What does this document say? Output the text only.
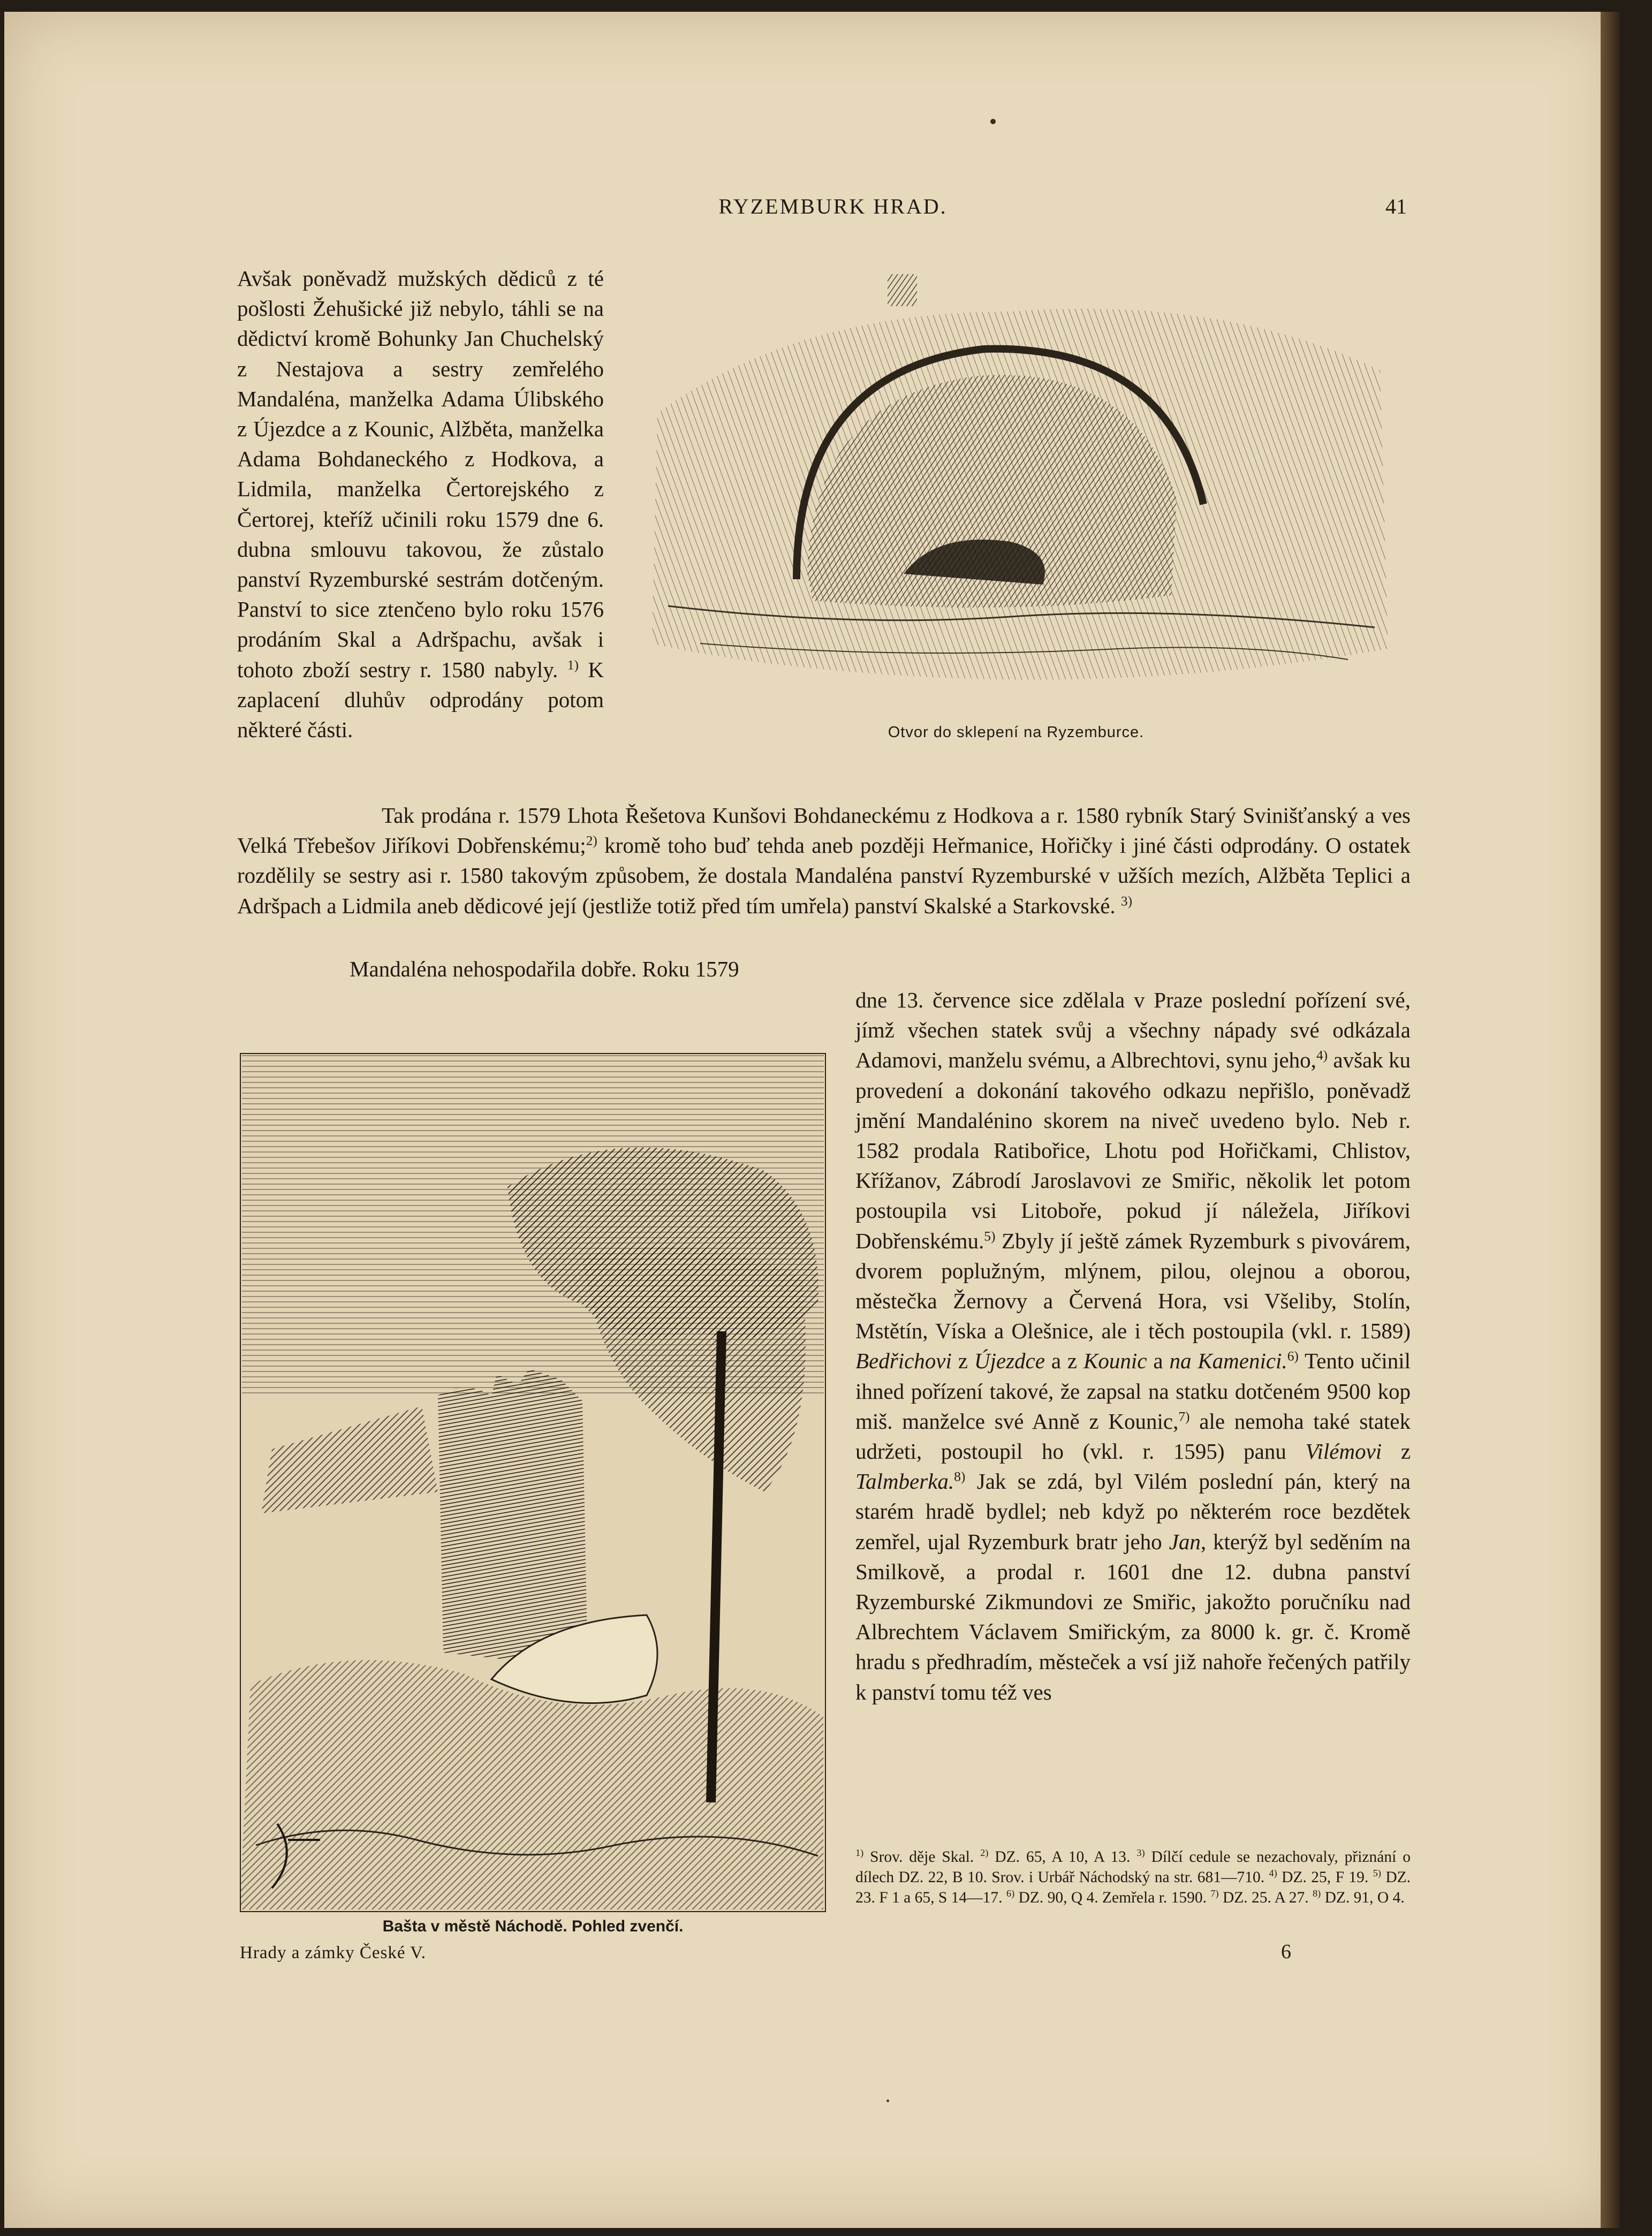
RYZEMBURK HRAD.	41

Avšak poněvadž mužských dědiců z té pošlosti Žehušické již nebylo, táhli se na dědictví kromě Bohunky Jan Chuchelský z Nestajova a sestry zemřelého Mandaléna, manželka Adama Úlibského z Újezdce a z Kounic, Alžběta, manželka Adama Bohdaneckého z Hodkova, a Lidmila, manželka Čertorejského z Čertorej, kteříž učinili roku 1579 dne 6. dubna smlouvu takovou, že zůstalo panství Ryzemburské sestrám dotčeným. Panství to sice ztenčeno bylo roku 1576 prodáním Skal a Adršpachu, avšak i tohoto zboží sestry r. 1580 nabyly. $^{1)}$ K zaplacení dluhův odprodány potom některé části.	Otvor do sklepení na Ryzemburce.

Tak prodána r. 1579 Lhota Řešetova Kunšovi Bohdaneckému z Hodkova a r. 1580 rybník Starý Svinišťanský a ves Velká Třebešov Jiříkovi Dobřenskému;$^{2)}$ kromě toho buď tehda aneb později Heřmanice, Hořičky i jiné části odprodány. O ostatek rozdělily se sestry asi r. 1580 takovým způsobem, že dostala Mandaléna panství Ryzemburské v užších mezích, Alžběta Teplici a Adršpach a Lidmila aneb dědicové její (jestliže totiž před tím umřela) panství Skalské a Starkovské. $^{3)}$

Mandaléna nehospodařila dobře. Roku 1579

dne 13. července sice zdělala v Praze poslední pořízení své, jímž všechen statek svůj a všechny nápady své odkázala Adamovi, manželu svému, a Albrechtovi, synu jeho,$^{4)}$ avšak ku provedení a dokonání takového odkazu nepřišlo, poněvadž jmění Mandalénino skorem na niveč uvedeno bylo. Neb r. 1582 prodala Ratibořice, Lhotu pod Hořičkami, Chlistov, Křížanov, Zábrodí Jaroslavovi ze Smiřic, několik let potom postoupila vsi Litoboře, pokud jí náležela, Jiříkovi Dobřenskému.$^{5)}$ Zbyly jí ještě zámek Ryzemburk s pivovárem, dvorem poplužným, mlýnem, pilou, olejnou a oborou, městečka Žernovy a Červená Hora, vsi Všeliby, Stolín, Mstětín, Víska a Olešnice, ale i těch postoupila (vkl. r. 1589) Bedřichovi z Újezdce a z Kounic a na Kamenici.$^{6)}$ Tento učinil ihned pořízení takové, že zapsal na statku dotčeném 9500 kop miš. manželce své Anně z Kounic,$^{7)}$ ale nemoha také statek udržeti, postoupil ho (vkl. r. 1595) panu Vilémovi z Talmberka.$^{8)}$ Jak se zdá, byl Vilém poslední pán, který na starém hradě bydlel; neb když po některém roce bezdětek zemřel, ujal Ryzemburk bratr jeho Jan, kterýž byl seděním na Smilkově, a prodal r. 1601 dne 12. dubna panství Ryzemburské Zikmundovi ze Smiřic, jakožto poručníku nad Albrechtem Václavem Smiřickým, za 8000 k. gr. č. Kromě hradu s předhradím, městeček a vsí již nahoře řečených patřily k panství tomu též ves

Bašta v městě Náchodě. Pohled zvenčí.
Hrady a zámky České V.

$^{1)}$ Srov. děje Skal. $^{2)}$ DZ. 65, A 10, A 13. $^{3)}$ Dílčí cedule se nezachovaly, přiznání o dílech DZ. 22, B 10. Srov. i Urbář Náchodský na str. 681—710. $^{4)}$ DZ. 25, F 19. $^{5)}$ DZ. 23. F 1 a 65, S 14—17. $^{6)}$ DZ. 90, Q 4. Zemřela r. 1590. $^{7)}$ DZ. 25. A 27. $^{8)}$ DZ. 91, O 4.

6
